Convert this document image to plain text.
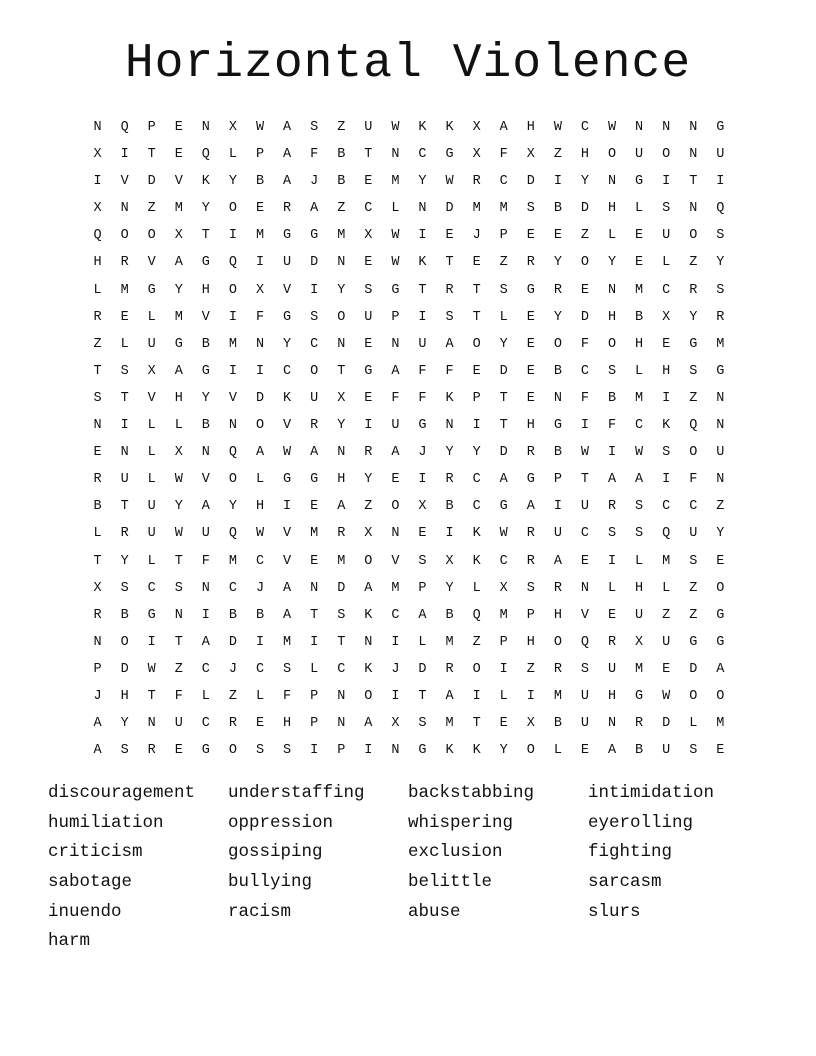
Horizontal Violence
N	Q	P	E	N	X	W	A	S	Z	U	W	K	K	X	A	H	W	C	W	N	N	N	G
X	I	T	E	Q	L	P	A	F	B	T	N	C	G	X	F	X	Z	H	O	U	O	N	U
I	V	D	V	K	Y	B	A	J	B	E	M	Y	W	R	C	D	I	Y	N	G	I	T	I
X	N	Z	M	Y	O	E	R	A	Z	C	L	N	D	M	M	S	B	D	H	L	S	N	Q
Q	O	O	X	T	I	M	G	G	M	X	W	I	E	J	P	E	E	Z	L	E	U	O	S
H	R	V	A	G	Q	I	U	D	N	E	W	K	T	E	Z	R	Y	O	Y	E	L	Z	Y
L	M	G	Y	H	O	X	V	I	Y	S	G	T	R	T	S	G	R	E	N	M	C	R	S
R	E	L	M	V	I	F	G	S	O	U	P	I	S	T	L	E	Y	D	H	B	X	Y	R
Z	L	U	G	B	M	N	Y	C	N	E	N	U	A	O	Y	E	O	F	O	H	E	G	M
T	S	X	A	G	I	I	C	O	T	G	A	F	F	E	D	E	B	C	S	L	H	S	G
S	T	V	H	Y	V	D	K	U	X	E	F	F	K	P	T	E	N	F	B	M	I	Z	N
N	I	L	L	B	N	O	V	R	Y	I	U	G	N	I	T	H	G	I	F	C	K	Q	N
E	N	L	X	N	Q	A	W	A	N	R	A	J	Y	Y	D	R	B	W	I	W	S	O	U
R	U	L	W	V	O	L	G	G	H	Y	E	I	R	C	A	G	P	T	A	A	I	F	N
B	T	U	Y	A	Y	H	I	E	A	Z	O	X	B	C	G	A	I	U	R	S	C	C	Z
L	R	U	W	U	Q	W	V	M	R	X	N	E	I	K	W	R	U	C	S	S	Q	U	Y
T	Y	L	T	F	M	C	V	E	M	O	V	S	X	K	C	R	A	E	I	L	M	S	E
X	S	C	S	N	C	J	A	N	D	A	M	P	Y	L	X	S	R	N	L	H	L	Z	O
R	B	G	N	I	B	B	A	T	S	K	C	A	B	Q	M	P	H	V	E	U	Z	Z	G
N	O	I	T	A	D	I	M	I	T	N	I	L	M	Z	P	H	O	Q	R	X	U	G	G
P	D	W	Z	C	J	C	S	L	C	K	J	D	R	O	I	Z	R	S	U	M	E	D	A
J	H	T	F	L	Z	L	F	P	N	O	I	T	A	I	L	I	M	U	H	G	W	O	O
A	Y	N	U	C	R	E	H	P	N	A	X	S	M	T	E	X	B	U	N	R	D	L	M
A	S	R	E	G	O	S	S	I	P	I	N	G	K	K	Y	O	L	E	A	B	U	S	E
discouragement	understaffing	backstabbing	intimidation
humiliation	oppression	whispering	eyerolling
criticism	gossiping	exclusion	fighting
sabotage	bullying	belittle	sarcasm
inuendo	racism	abuse	slurs
harm
